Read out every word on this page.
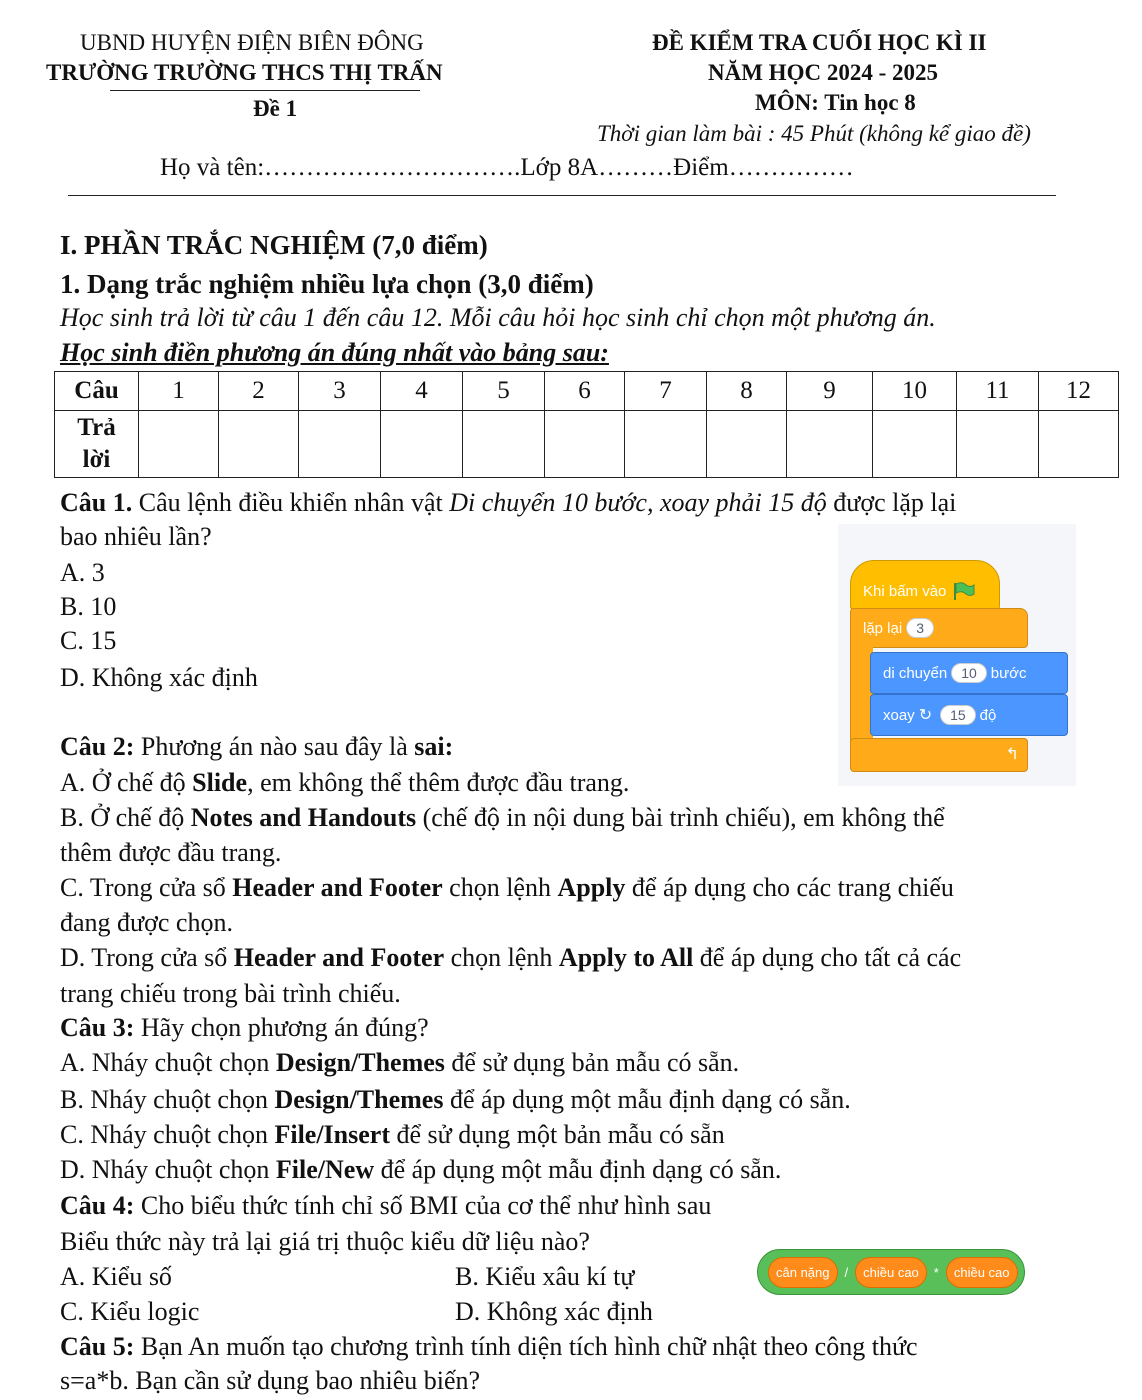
UBND HUYỆN ĐIỆN BIÊN ĐÔNG
TRƯỜNG TRƯỜNG THCS THỊ TRẤN
Đề 1
ĐỀ KIỂM TRA CUỐI HỌC KÌ II
NĂM HỌC 2024 - 2025
MÔN: Tin học 8
Thời gian làm bài : 45 Phút (không kể giao đề)
Họ và tên:………………………….Lớp 8A………Điểm……………
I. PHẦN TRẮC NGHIỆM (7,0 điểm)
1. Dạng trắc nghiệm nhiều lựa chọn (3,0 điểm)
Học sinh trả lời từ câu 1 đến câu 12. Mỗi câu hỏi học sinh chỉ chọn một phương án.
Học sinh điền phương án đúng nhất vào bảng sau:
Câu	1	2	3	4	5	6	7	8	9	10	11	12

Trả
lời												

Câu 1. Câu lệnh điều khiển nhân vật Di chuyển 10 bước, xoay phải 15 độ được lặp lại
bao nhiêu lần?
A. 3
B. 10
C. 15
D. Không xác định
Khi bấm vào
lặp lại	3
di chuyển	10 bước
xoay ↻	15 độ
↰
Câu 2: Phương án nào sau đây là sai:
A. Ở chế độ Slide, em không thể thêm được đầu trang.
B. Ở chế độ Notes and Handouts (chế độ in nội dung bài trình chiếu), em không thể
thêm được đầu trang.
C. Trong cửa sổ Header and Footer chọn lệnh Apply để áp dụng cho các trang chiếu
đang được chọn.
D. Trong cửa sổ Header and Footer chọn lệnh Apply to All để áp dụng cho tất cả các
trang chiếu trong bài trình chiếu.
Câu 3: Hãy chọn phương án đúng?
A. Nháy chuột chọn Design/Themes để sử dụng bản mẫu có sẵn.
B. Nháy chuột chọn Design/Themes để áp dụng một mẫu định dạng có sẵn.
C. Nháy chuột chọn File/Insert để sử dụng một bản mẫu có sẵn
D. Nháy chuột chọn File/New để áp dụng một mẫu định dạng có sẵn.
Câu 4: Cho biểu thức tính chỉ số BMI của cơ thể như hình sau
Biểu thức này trả lại giá trị thuộc kiểu dữ liệu nào?
A. Kiểu số	B. Kiểu xâu kí tự
C. Kiểu logic	D. Không xác định
cân nặng	/	chiều cao	*	chiều cao
Câu 5: Bạn An muốn tạo chương trình tính diện tích hình chữ nhật theo công thức
s=a*b. Bạn cần sử dụng bao nhiêu biến?
